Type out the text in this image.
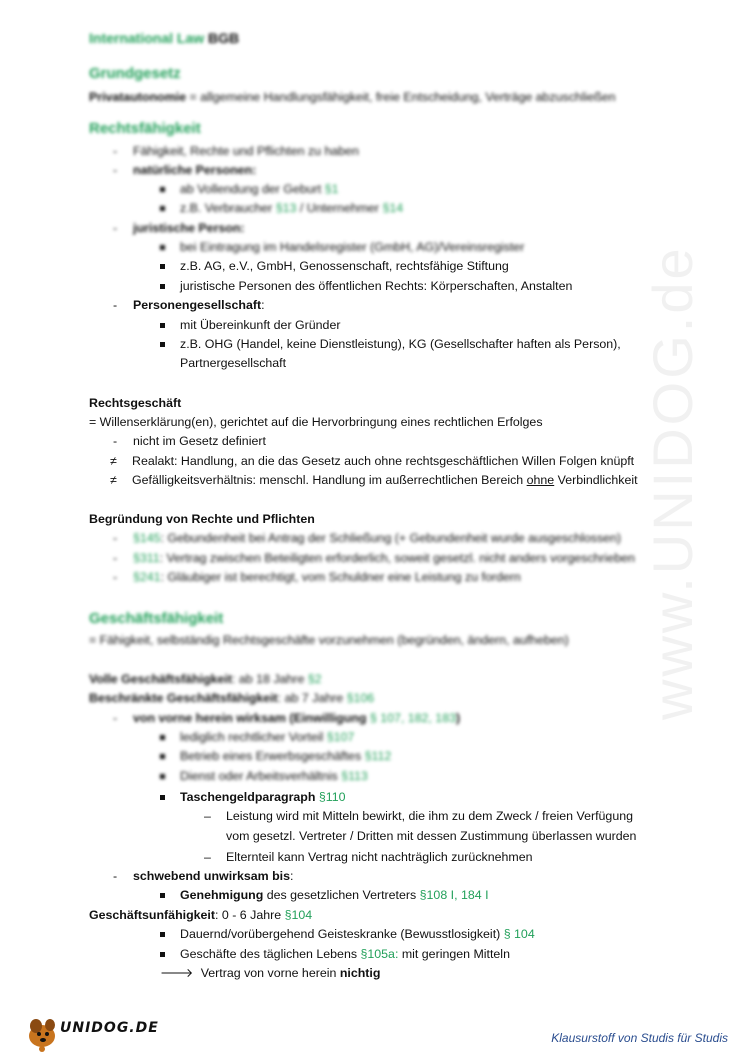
www.UNIDOG.de
International Law BGB
Grundgesetz
Privatautonomie = allgemeine Handlungsfähigkeit, freie Entscheidung, Verträge abzuschließen
Rechtsfähigkeit
- Fähigkeit, Rechte und Pflichten zu haben
- natürliche Personen:
ab Vollendung der Geburt §1
z.B. Verbraucher §13 / Unternehmer §14
- juristische Person:
bei Eintragung im Handelsregister (GmbH, AG)/Vereinsregister
z.B. AG, e.V., GmbH, Genossenschaft, rechtsfähige Stiftung
juristische Personen des öffentlichen Rechts: Körperschaften, Anstalten
- Personengesellschaft:
mit Übereinkunft der Gründer
z.B. OHG (Handel, keine Dienstleistung), KG (Gesellschafter haften als Person),
Partnergesellschaft
Rechtsgeschäft
= Willenserklärung(en), gerichtet auf die Hervorbringung eines rechtlichen Erfolges
- nicht im Gesetz definiert
≠ Realakt: Handlung, an die das Gesetz auch ohne rechtsgeschäftlichen Willen Folgen knüpft
≠ Gefälligkeitsverhältnis: menschl. Handlung im außerrechtlichen Bereich ohne Verbindlichkeit
Begründung von Rechte und Pflichten
- §145: Gebundenheit bei Antrag der Schließung (+ Gebundenheit wurde ausgeschlossen)
- §311: Vertrag zwischen Beteiligten erforderlich, soweit gesetzl. nicht anders vorgeschrieben
- §241: Gläubiger ist berechtigt, vom Schuldner eine Leistung zu fordern
Geschäftsfähigkeit
= Fähigkeit, selbständig Rechtsgeschäfte vorzunehmen (begründen, ändern, aufheben)
Volle Geschäftsfähigkeit: ab 18 Jahre §2
Beschränkte Geschäftsfähigkeit: ab 7 Jahre §106
- von vorne herein wirksam (Einwilligung § 107, 182, 183)
lediglich rechtlicher Vorteil §107
Betrieb eines Erwerbsgeschäftes §112
Dienst oder Arbeitsverhältnis §113
Taschengeldparagraph §110
– Leistung wird mit Mitteln bewirkt, die ihm zu dem Zweck / freien Verfügung
vom gesetzl. Vertreter / Dritten mit dessen Zustimmung überlassen wurden
– Elternteil kann Vertrag nicht nachträglich zurücknehmen
- schwebend unwirksam bis:
Genehmigung des gesetzlichen Vertreters §108 I, 184 I
Geschäftsunfähigkeit: 0 - 6 Jahre §104
Dauernd/vorübergehend Geisteskranke (Bewusstlosigkeit) § 104
Geschäfte des täglichen Lebens §105a: mit geringen Mitteln
🡒 Vertrag von vorne herein nichtig
UNIDOG.DE
Klausurstoff von Studis für Studis
